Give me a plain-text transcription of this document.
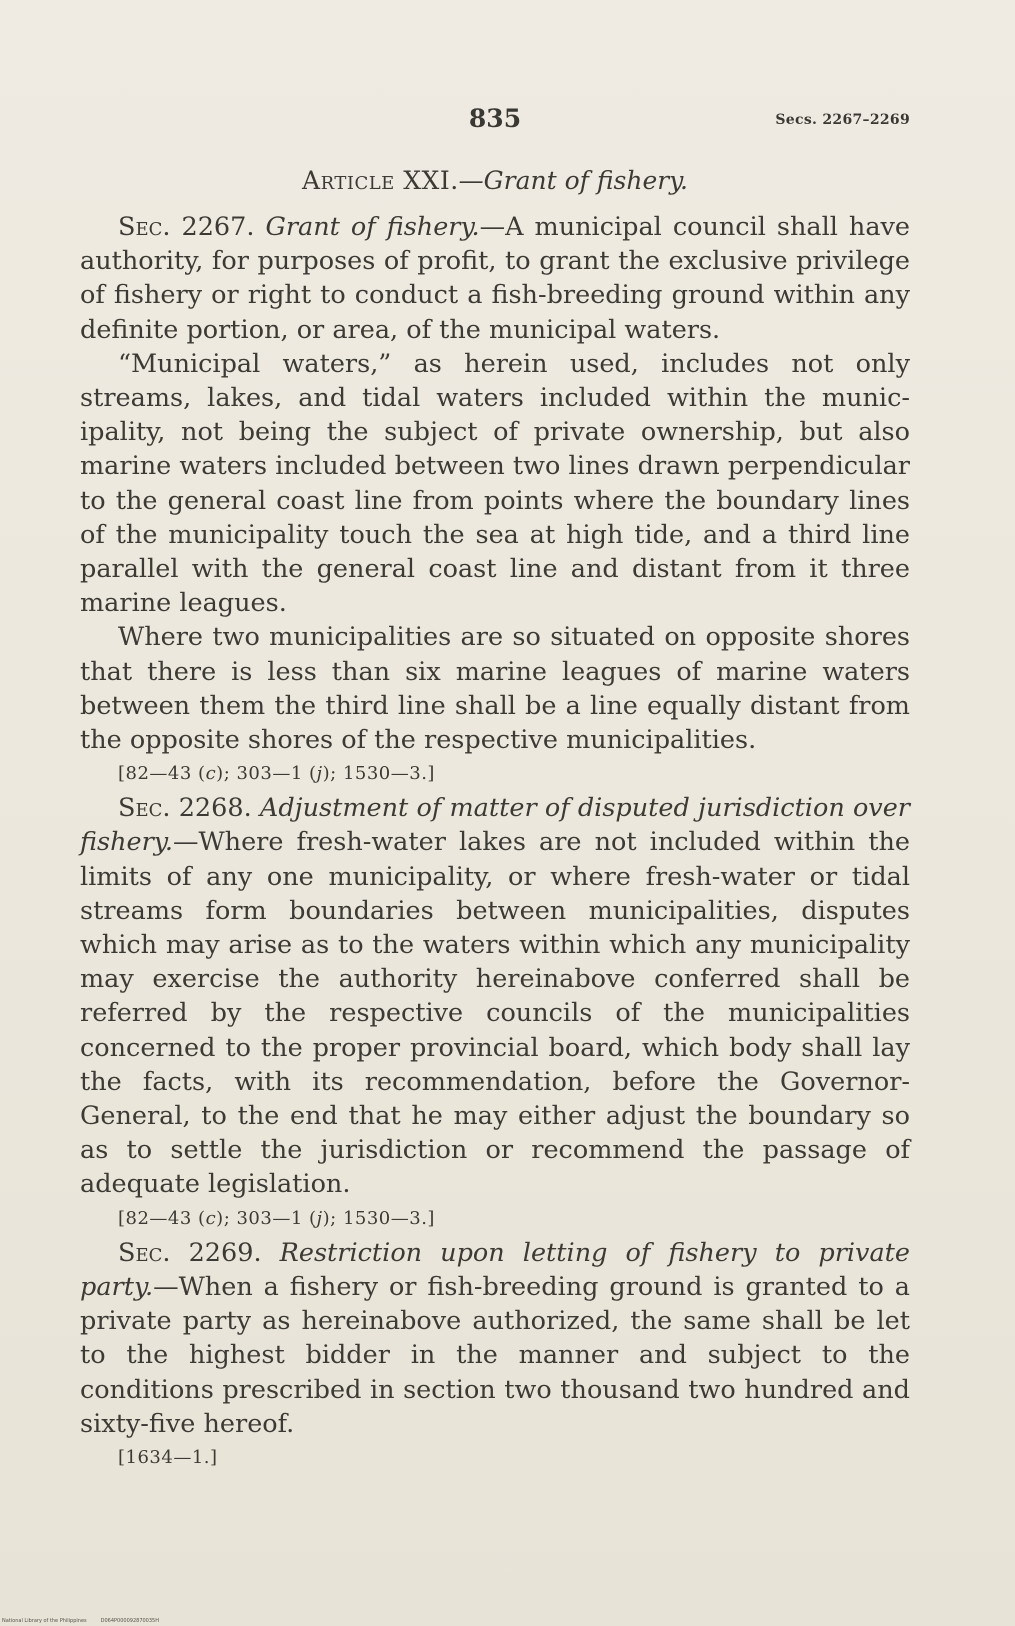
835	Secs. 2267–2269
Article XXI.—Grant of fishery.

Sec. 2267. Grant of fishery.—A municipal council shall have authority, for purposes of profit, to grant the exclusive privilege of fishery or right to conduct a fish-breeding ground within any definite portion, or area, of the municipal waters.

“Municipal waters,” as herein used, includes not only streams, lakes, and tidal waters included within the municipality, not being the subject of private ownership, but also marine waters included between two lines drawn perpendicular to the general coast line from points where the boundary lines of the municipality touch the sea at high tide, and a third line parallel with the general coast line and distant from it three marine leagues.

Where two municipalities are so situated on opposite shores that there is less than six marine leagues of marine waters between them the third line shall be a line equally distant from the opposite shores of the respective municipalities.

[82—43 (c); 303—1 (j); 1530—3.]

Sec. 2268. Adjustment of matter of disputed jurisdiction over fishery.—Where fresh-water lakes are not included within the limits of any one municipality, or where fresh-water or tidal streams form boundaries between municipalities, disputes which may arise as to the waters within which any municipality may exercise the authority hereinabove conferred shall be referred by the respective councils of the municipalities concerned to the proper provincial board, which body shall lay the facts, with its recommendation, before the Governor-General, to the end that he may either adjust the boundary so as to settle the jurisdiction or recommend the passage of adequate legislation.

[82—43 (c); 303—1 (j); 1530—3.]

Sec. 2269. Restriction upon letting of fishery to private party.—When a fishery or fish-breeding ground is granted to a private party as hereinabove authorized, the same shall be let to the highest bidder in the manner and subject to the conditions prescribed in section two thousand two hundred and sixty-five hereof.

[1634—1.]

National Library of the Philippines	D064P000092870035H
